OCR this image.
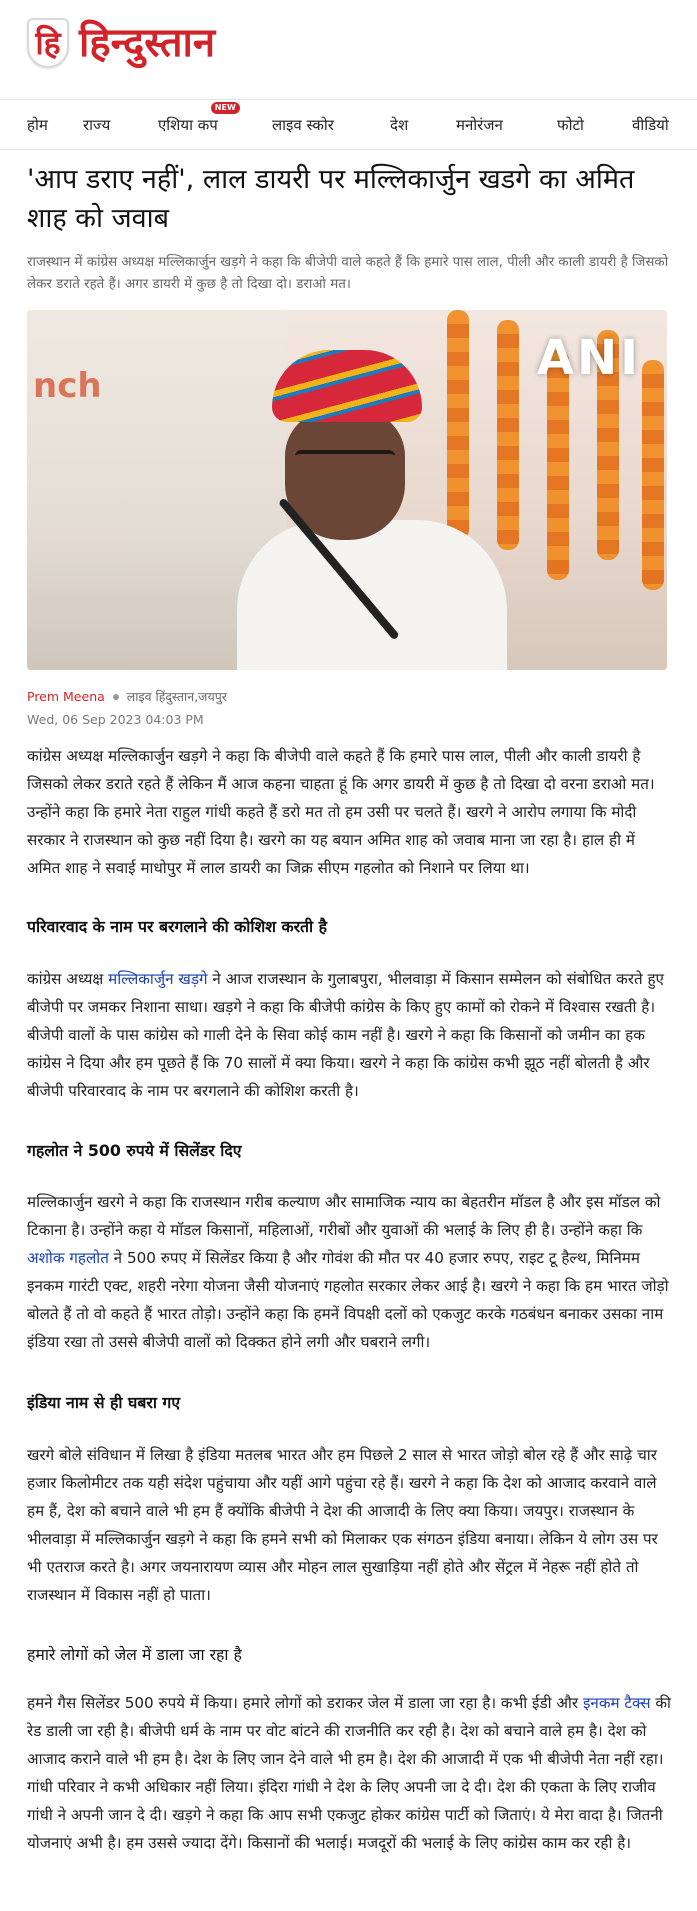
हि हिन्दुस्तान
होम राज्य	एशिया कप
NEW
लाइव स्कोर	देश	मनोरंजन	फोटो	वीडियो
'आप डराए नहीं', लाल डायरी पर मल्लिकार्जुन खडगे का अमित शाह को जवाब

राजस्थान में कांग्रेस अध्यक्ष मल्लिकार्जुन खड़गे ने कहा कि बीजेपी वाले कहते हैं कि हमारे पास लाल, पीली और काली डायरी है जिसको लेकर डराते रहते हैं। अगर डायरी में कुछ है तो दिखा दो। डराओ मत।

nch	ANI
Prem Meena लाइव हिंदुस्तान,जयपुर
Wed, 06 Sep 2023 04:03 PM

कांग्रेस अध्यक्ष मल्लिकार्जुन खड़गे ने कहा कि बीजेपी वाले कहते हैं कि हमारे पास लाल, पीली और काली डायरी है जिसको लेकर डराते रहते हैं लेकिन मैं आज कहना चाहता हूं कि अगर डायरी में कुछ है तो दिखा दो वरना डराओ मत। उन्होंने कहा कि हमारे नेता राहुल गांधी कहते हैं डरो मत तो हम उसी पर चलते हैं। खरगे ने आरोप लगाया कि मोदी सरकार ने राजस्थान को कुछ नहीं दिया है। खरगे का यह बयान अमित शाह को जवाब माना जा रहा है। हाल ही में अमित शाह ने सवाई माधोपुर में लाल डायरी का जिक्र सीएम गहलोत को निशाने पर लिया था।

परिवारवाद के नाम पर बरगलाने की कोशिश करती है

कांग्रेस अध्यक्ष मल्लिकार्जुन खड़गे ने आज राजस्थान के गुलाबपुरा, भीलवाड़ा में किसान सम्मेलन को संबोधित करते हुए बीजेपी पर जमकर निशाना साधा। खड़गे ने कहा कि बीजेपी कांग्रेस के किए हुए कामों को रोकने में विश्वास रखती है। बीजेपी वालों के पास कांग्रेस को गाली देने के सिवा कोई काम नहीं है। खरगे ने कहा कि किसानों को जमीन का हक कांग्रेस ने दिया और हम पूछते हैं कि 70 सालों में क्या किया। खरगे ने कहा कि कांग्रेस कभी झूठ नहीं बोलती है और बीजेपी परिवारवाद के नाम पर बरगलाने की कोशिश करती है।

गहलोत ने 500 रुपये में सिलेंडर दिए

मल्लिकार्जुन खरगे ने कहा कि राजस्थान गरीब कल्याण और सामाजिक न्याय का बेहतरीन मॉडल है और इस मॉडल को टिकाना है। उन्होंने कहा ये मॉडल किसानों, महिलाओं, गरीबों और युवाओं की भलाई के लिए ही है। उन्होंने कहा कि अशोक गहलोत ने 500 रुपए में सिलेंडर किया है और गोवंश की मौत पर 40 हजार रुपए, राइट टू हैल्थ, मिनिमम इनकम गारंटी एक्ट, शहरी नरेगा योजना जैसी योजनाएं गहलोत सरकार लेकर आई है। खरगे ने कहा कि हम भारत जोड़ो बोलते हैं तो वो कहते हैं भारत तोड़ो। उन्होंने कहा कि हमनें विपक्षी दलों को एकजुट करके गठबंधन बनाकर उसका नाम इंडिया रखा तो उससे बीजेपी वालों को दिक्कत होने लगी और घबराने लगी।

इंडिया नाम से ही घबरा गए

खरगे बोले संविधान में लिखा है इंडिया मतलब भारत और हम पिछले 2 साल से भारत जोड़ो बोल रहे हैं और साढ़े चार हजार किलोमीटर तक यही संदेश पहुंचाया और यहीं आगे पहुंचा रहे हैं। खरगे ने कहा कि देश को आजाद करवाने वाले हम हैं, देश को बचाने वाले भी हम हैं क्योंकि बीजेपी ने देश की आजादी के लिए क्या किया। जयपुर। राजस्थान के भीलवाड़ा में मल्लिकार्जुन खड़गे ने कहा कि हमने सभी को मिलाकर एक संगठन इंडिया बनाया। लेकिन ये लोग उस पर भी एतराज करते है। अगर जयनारायण व्यास और मोहन लाल सुखाड़िया नहीं होते और सेंट्रल में नेहरू नहीं होते तो राजस्थान में विकास नहीं हो पाता।

हमारे लोगों को जेल में डाला जा रहा है

हमने गैस सिलेंडर 500 रुपये में किया। हमारे लोगों को डराकर जेल में डाला जा रहा है। कभी ईडी और इनकम टैक्स की रेड डाली जा रही है। बीजेपी धर्म के नाम पर वोट बांटने की राजनीति कर रही है। देश को बचाने वाले हम है। देश को आजाद कराने वाले भी हम है। देश के लिए जान देने वाले भी हम है। देश की आजादी में एक भी बीजेपी नेता नहीं रहा। गांधी परिवार ने कभी अधिकार नहीं लिया। इंदिरा गांधी ने देश के लिए अपनी जा दे दी। देश की एकता के लिए राजीव गांधी ने अपनी जान दे दी। खड़गे ने कहा कि आप सभी एकजुट होकर कांग्रेस पार्टी को जिताएं। ये मेरा वादा है। जितनी योजनाएं अभी है। हम उससे ज्यादा देंगे। किसानों की भलाई। मजदूरों की भलाई के लिए कांग्रेस काम कर रही है।
